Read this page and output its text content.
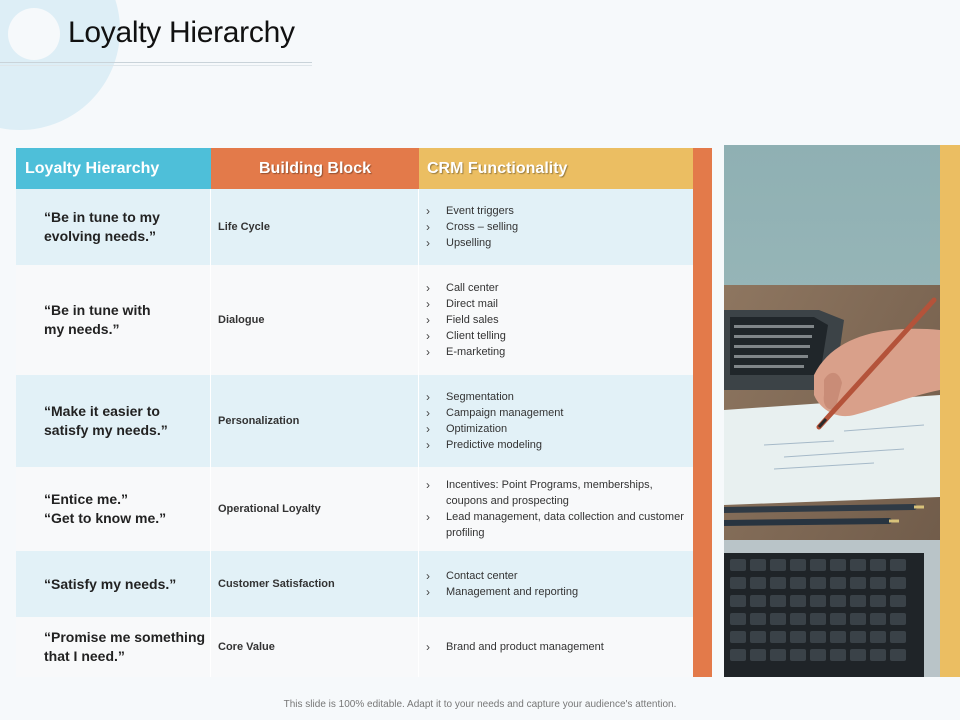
Loyalty Hierarchy
Loyalty Hierarchy	Building Block	CRM Functionality
“Be in tune to my
evolving needs.”
Life Cycle
› Event triggers
› Cross – selling
› Upselling
“Be in tune with
my needs.”
Dialogue
› Call center
› Direct mail
› Field sales
› Client telling
› E-marketing
“Make it easier to
satisfy my needs.”
Personalization
› Segmentation
› Campaign management
› Optimization
› Predictive modeling
“Entice me.”
“Get to know me.”
Operational Loyalty
› Incentives: Point Programs, memberships, coupons and prospecting
› Lead management, data collection and customer profiling
“Satisfy my needs.”	Customer Satisfaction
› Contact center
› Management and reporting
“Promise me something
that I need.”
Core Value
›	Brand and product management
This slide is 100% editable. Adapt it to your needs and capture your audience's attention.
